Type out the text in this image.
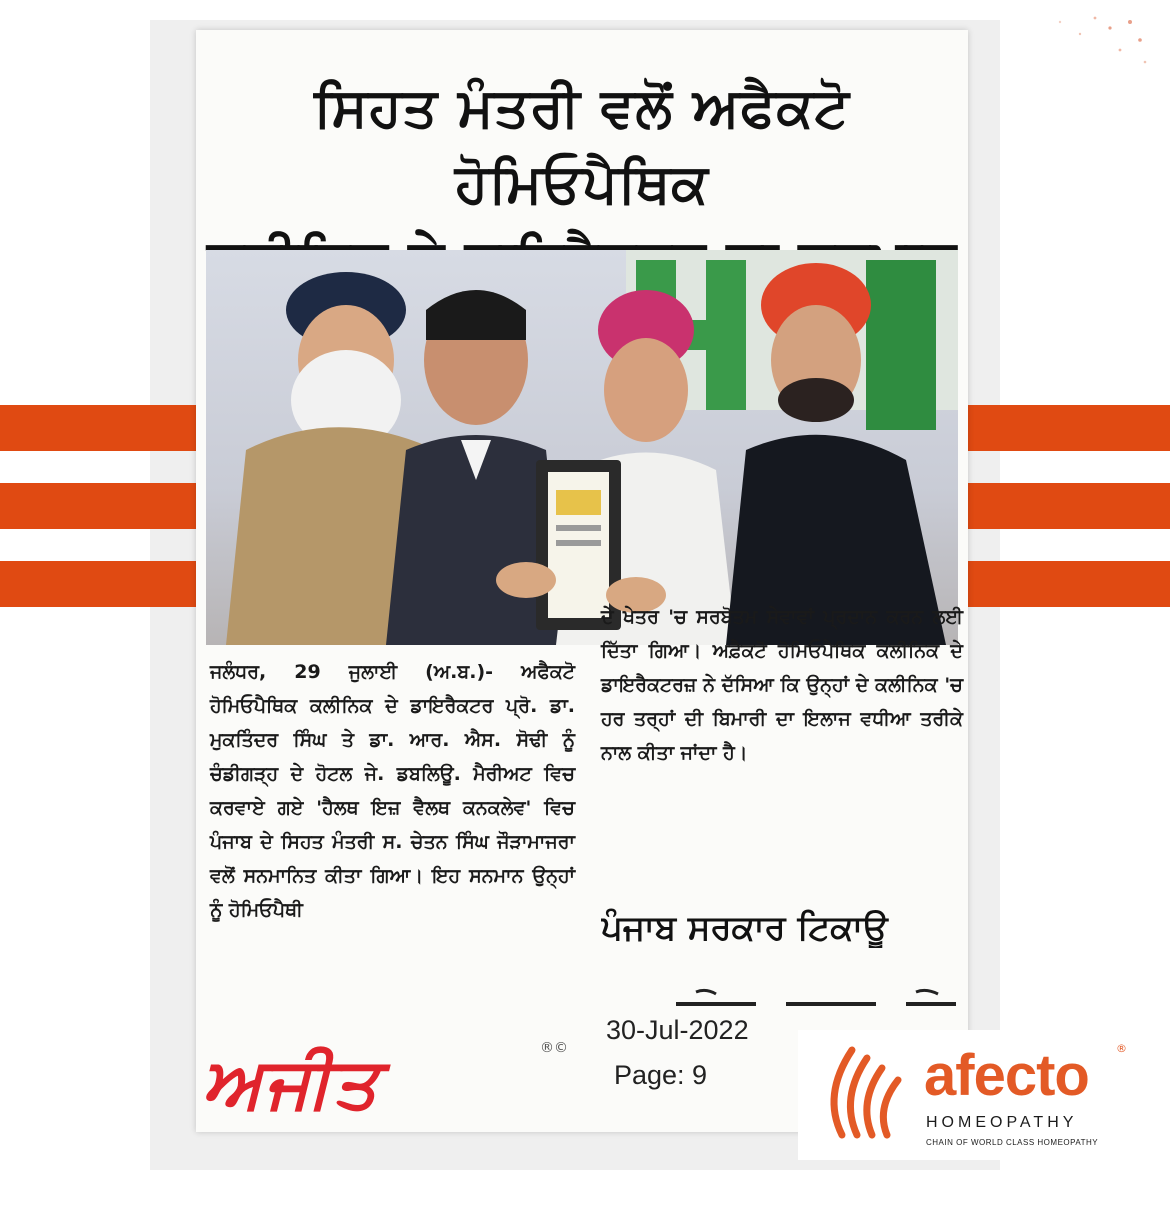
ਸਿਹਤ ਮੰਤਰੀ ਵਲੋਂ ਅਫੈਕਟੋ ਹੋਮਿਓਪੈਥਿਕ

ਜਲੰਧਰ, 29 ਜੁਲਾਈ (ਅ.ਬ.)- ਅਫੈਕਟੋ ਹੋਮਿਓਪੈਥਿਕ ਕਲੀਨਿਕ ਦੇ ਡਾਇਰੈਕਟਰ ਪ੍ਰੋ. ਡਾ. ਮੁਕਤਿੰਦਰ ਸਿੰਘ ਤੇ ਡਾ. ਆਰ. ਐਸ. ਸੋਢੀ ਨੂੰ ਚੰਡੀਗੜ੍ਹ ਦੇ ਹੋਟਲ ਜੇ. ਡਬਲਿਊ. ਮੈਰੀਅਟ ਵਿਚ ਕਰਵਾਏ ਗਏ 'ਹੈਲਥ ਇਜ਼ ਵੈਲਥ ਕਨਕਲੇਵ' ਵਿਚ ਪੰਜਾਬ ਦੇ ਸਿਹਤ ਮੰਤਰੀ ਸ. ਚੇਤਨ ਸਿੰਘ ਜੌੜਾਮਾਜਰਾ ਵਲੋਂ ਸਨਮਾਨਿਤ ਕੀਤਾ ਗਿਆ। ਇਹ ਸਨਮਾਨ ਉਨ੍ਹਾਂ ਨੂੰ ਹੋਮਿਓਪੈਥੀ

ਦੇ ਖੇਤਰ 'ਚ ਸਰਬੋਤਮ ਸੇਵਾਵਾਂ ਪ੍ਰਦਾਨ ਕਰਨ ਲਈ ਦਿੱਤਾ ਗਿਆ। ਅਫ਼ੈਕਟੋ ਹੋਮਿਓਪੈਥਿਕ ਕਲੀਨਿਕ ਦੇ ਡਾਇਰੈਕਟਰਜ਼ ਨੇ ਦੱਸਿਆ ਕਿ ਉਨ੍ਹਾਂ ਦੇ ਕਲੀਨਿਕ 'ਚ ਹਰ ਤਰ੍ਹਾਂ ਦੀ ਬਿਮਾਰੀ ਦਾ ਇਲਾਜ ਵਧੀਆ ਤਰੀਕੇ ਨਾਲ ਕੀਤਾ ਜਾਂਦਾ ਹੈ।

ਪੰਜਾਬ ਸਰਕਾਰ ਟਿਕਾਊ
30-Jul-2022
Page: 9
ਅਜੀਤ	®©	afecto ®
HOMEOPATHY
CHAIN OF WORLD CLASS HOMEOPATHY
